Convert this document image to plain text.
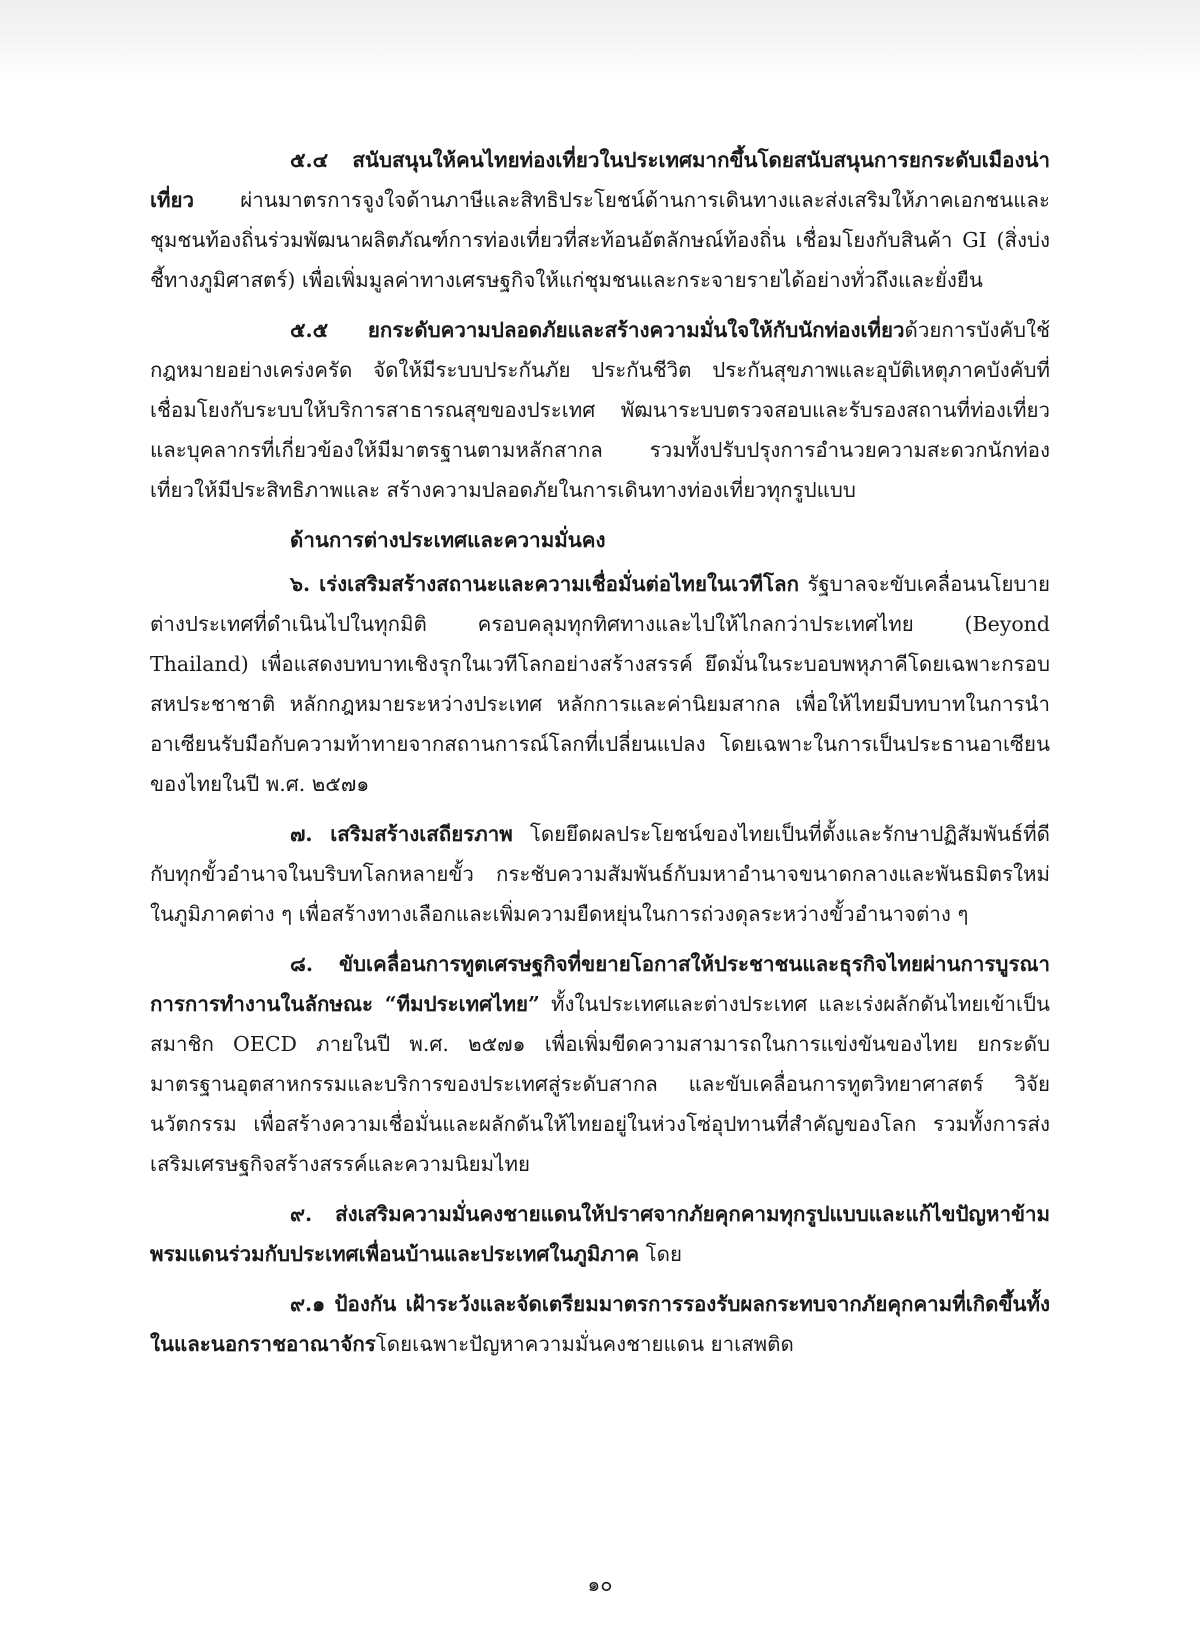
๕.๔ สนับสนุนให้คนไทยท่องเที่ยวในประเทศมากขึ้นโดยสนับสนุนการยกระดับเมืองน่าเที่ยว ผ่านมาตรการจูงใจด้านภาษีและสิทธิประโยชน์ด้านการเดินทางและส่งเสริมให้ภาคเอกชนและชุมชนท้องถิ่นร่วมพัฒนาผลิตภัณฑ์การท่องเที่ยวที่สะท้อนอัตลักษณ์ท้องถิ่น เชื่อมโยงกับสินค้า GI (สิ่งบ่งชี้ทางภูมิศาสตร์) เพื่อเพิ่มมูลค่าทางเศรษฐกิจให้แก่ชุมชนและกระจายรายได้อย่างทั่วถึงและยั่งยืน

๕.๕ ยกระดับความปลอดภัยและสร้างความมั่นใจให้กับนักท่องเที่ยวด้วยการบังคับใช้กฎหมายอย่างเคร่งครัด จัดให้มีระบบประกันภัย ประกันชีวิต ประกันสุขภาพและอุบัติเหตุภาคบังคับที่เชื่อมโยงกับระบบให้บริการสาธารณสุขของประเทศ พัฒนาระบบตรวจสอบและรับรองสถานที่ท่องเที่ยวและบุคลากรที่เกี่ยวข้องให้มีมาตรฐานตามหลักสากล รวมทั้งปรับปรุงการอำนวยความสะดวกนักท่องเที่ยวให้มีประสิทธิภาพและ สร้างความปลอดภัยในการเดินทางท่องเที่ยวทุกรูปแบบ

ด้านการต่างประเทศและความมั่นคง

๖. เร่งเสริมสร้างสถานะและความเชื่อมั่นต่อไทยในเวทีโลก รัฐบาลจะขับเคลื่อนนโยบายต่างประเทศที่ดำเนินไปในทุกมิติ ครอบคลุมทุกทิศทางและไปให้ไกลกว่าประเทศไทย (Beyond Thailand) เพื่อแสดงบทบาทเชิงรุกในเวทีโลกอย่างสร้างสรรค์ ยึดมั่นในระบอบพหุภาคีโดยเฉพาะกรอบสหประชาชาติ หลักกฎหมายระหว่างประเทศ หลักการและค่านิยมสากล เพื่อให้ไทยมีบทบาทในการนำอาเซียนรับมือกับความท้าทายจากสถานการณ์โลกที่เปลี่ยนแปลง โดยเฉพาะในการเป็นประธานอาเซียนของไทยในปี พ.ศ. ๒๕๗๑

๗. เสริมสร้างเสถียรภาพ โดยยึดผลประโยชน์ของไทยเป็นที่ตั้งและรักษาปฏิสัมพันธ์ที่ดีกับทุกขั้วอำนาจในบริบทโลกหลายขั้ว กระชับความสัมพันธ์กับมหาอำนาจขนาดกลางและพันธมิตรใหม่ในภูมิภาคต่าง ๆ เพื่อสร้างทางเลือกและเพิ่มความยืดหยุ่นในการถ่วงดุลระหว่างขั้วอำนาจต่าง ๆ

๘. ขับเคลื่อนการทูตเศรษฐกิจที่ขยายโอกาสให้ประชาชนและธุรกิจไทยผ่านการบูรณาการการทำงานในลักษณะ “ทีมประเทศไทย” ทั้งในประเทศและต่างประเทศ และเร่งผลักดันไทยเข้าเป็นสมาชิก OECD ภายในปี พ.ศ. ๒๕๗๑ เพื่อเพิ่มขีดความสามารถในการแข่งขันของไทย ยกระดับมาตรฐานอุตสาหกรรมและบริการของประเทศสู่ระดับสากล และขับเคลื่อนการทูตวิทยาศาสตร์ วิจัย นวัตกรรม เพื่อสร้างความเชื่อมั่นและผลักดันให้ไทยอยู่ในห่วงโซ่อุปทานที่สำคัญของโลก รวมทั้งการส่งเสริมเศรษฐกิจสร้างสรรค์และความนิยมไทย

๙. ส่งเสริมความมั่นคงชายแดนให้ปราศจากภัยคุกคามทุกรูปแบบและแก้ไขปัญหาข้ามพรมแดนร่วมกับประเทศเพื่อนบ้านและประเทศในภูมิภาค โดย

๙.๑ ป้องกัน เฝ้าระวังและจัดเตรียมมาตรการรองรับผลกระทบจากภัยคุกคามที่เกิดขึ้นทั้งในและนอกราชอาณาจักรโดยเฉพาะปัญหาความมั่นคงชายแดน ยาเสพติด

๑๐
